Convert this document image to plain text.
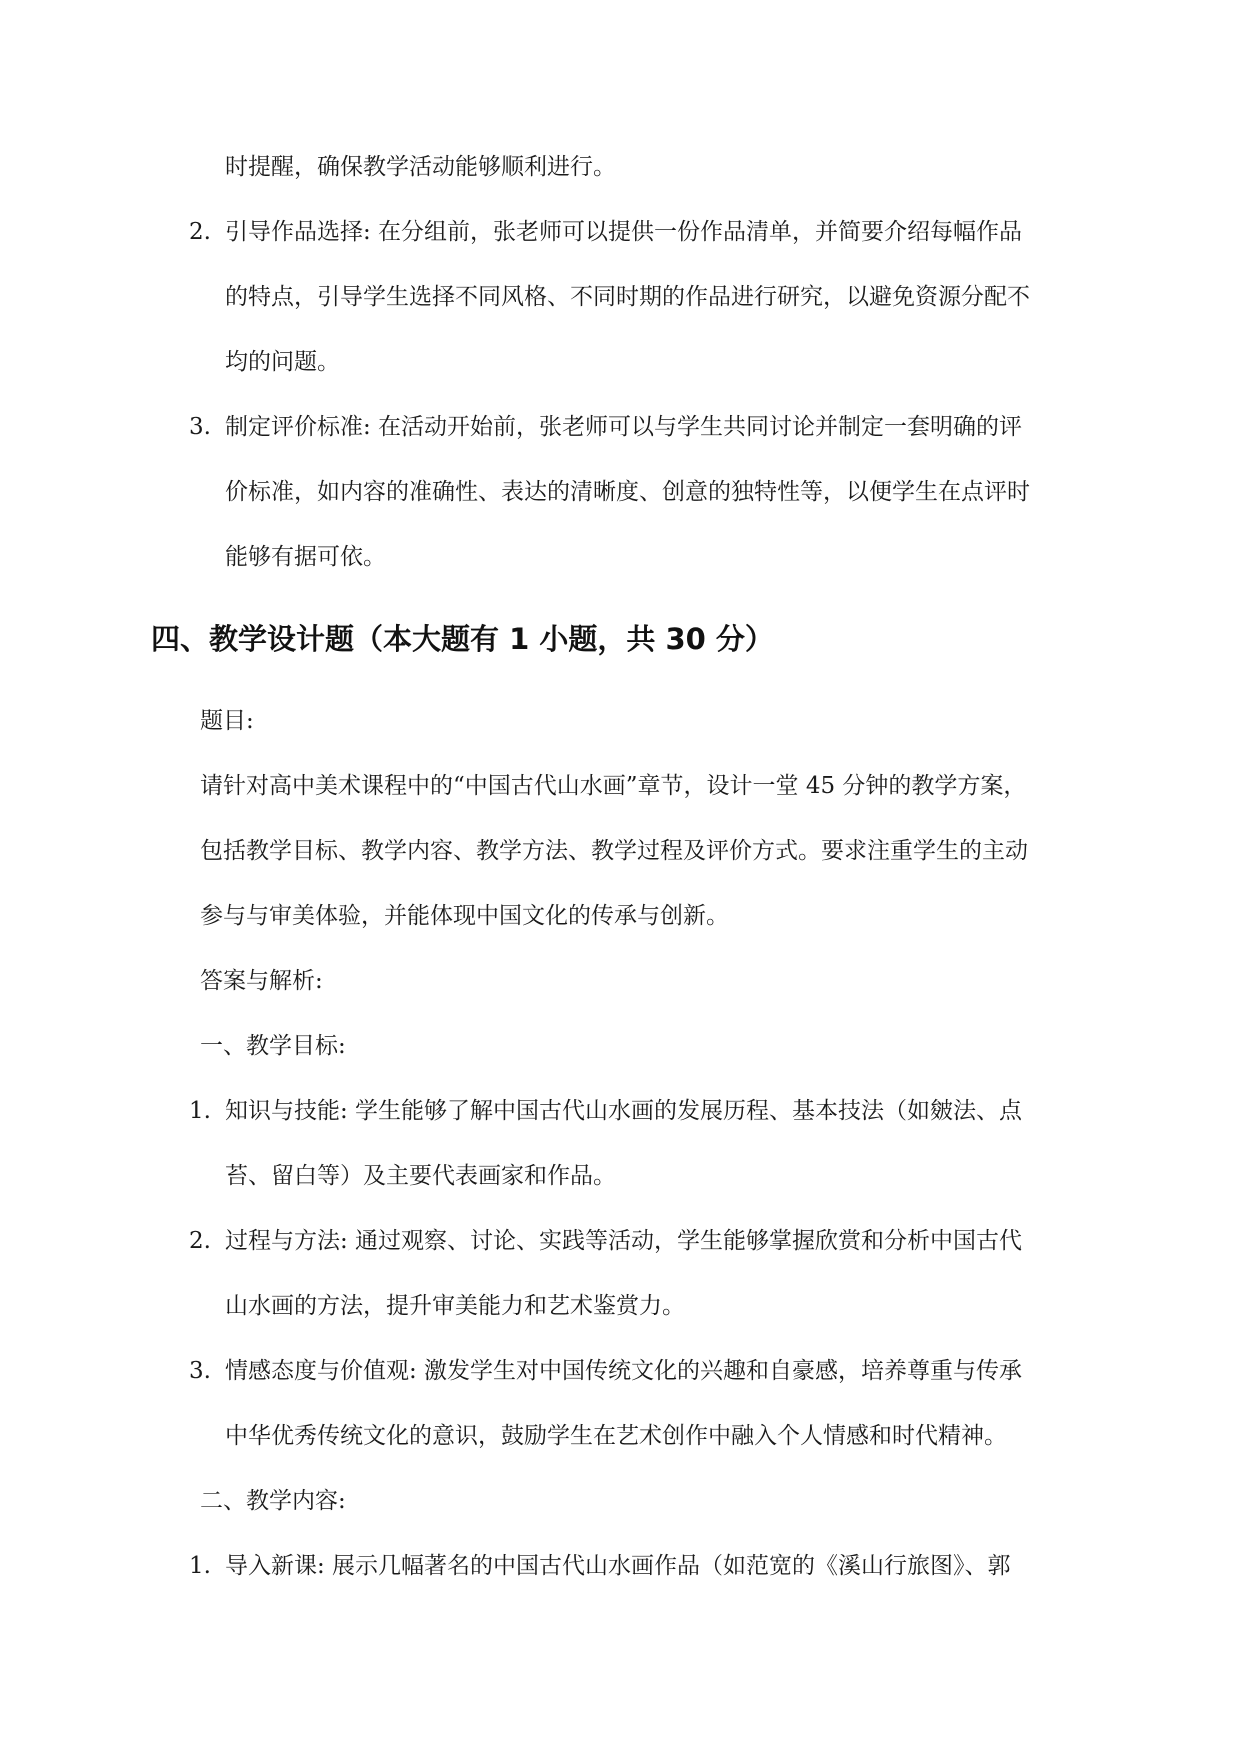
时提醒，确保教学活动能够顺利进行。
2. 引导作品选择: 在分组前，张老师可以提供一份作品清单，并简要介绍每幅作品
的特点，引导学生选择不同风格、不同时期的作品进行研究，以避免资源分配不
均的问题。
3. 制定评价标准: 在活动开始前，张老师可以与学生共同讨论并制定一套明确的评
价标准，如内容的准确性、表达的清晰度、创意的独特性等，以便学生在点评时
能够有据可依。
四、教学设计题（本大题有 1 小题，共 30 分）
题目:
请针对高中美术课程中的“中国古代山水画”章节，设计一堂 45 分钟的教学方案，
包括教学目标、教学内容、教学方法、教学过程及评价方式。要求注重学生的主动
参与与审美体验，并能体现中国文化的传承与创新。
答案与解析:
一、教学目标:
1. 知识与技能: 学生能够了解中国古代山水画的发展历程、基本技法（如皴法、点
苔、留白等）及主要代表画家和作品。
2. 过程与方法: 通过观察、讨论、实践等活动，学生能够掌握欣赏和分析中国古代
山水画的方法，提升审美能力和艺术鉴赏力。
3. 情感态度与价值观: 激发学生对中国传统文化的兴趣和自豪感，培养尊重与传承
中华优秀传统文化的意识，鼓励学生在艺术创作中融入个人情感和时代精神。
二、教学内容:
1. 导入新课: 展示几幅著名的中国古代山水画作品（如范宽的《溪山行旅图》、郭
